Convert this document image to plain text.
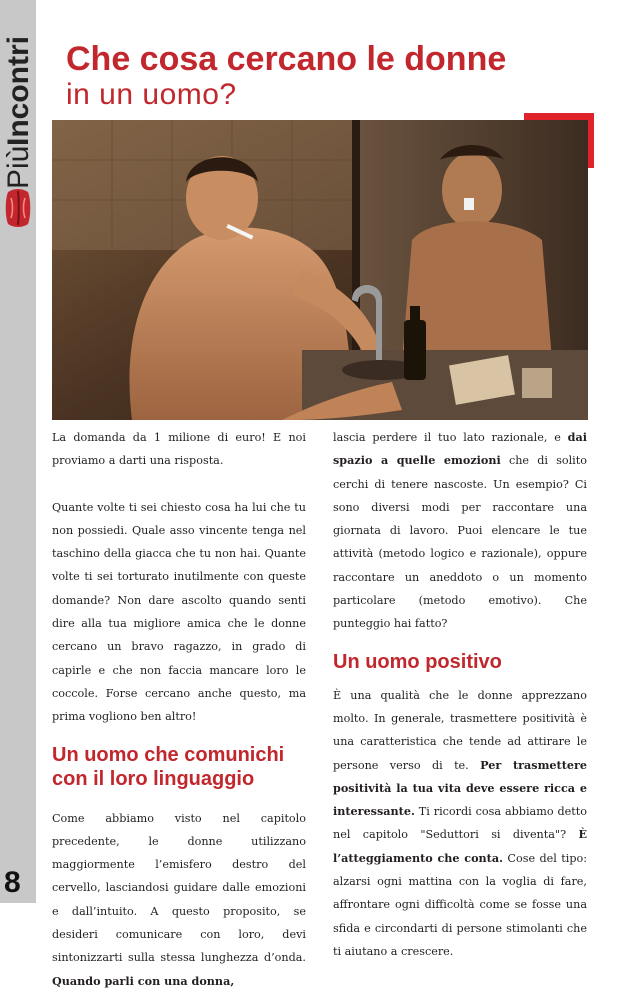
Più
Incontri
8
Che cosa cercano le donne
in un uomo?

La domanda da 1 milione di euro! E noi proviamo a darti una risposta.

Quante volte ti sei chiesto cosa ha lui che tu non possiedi. Quale asso vincente tenga nel taschino della giacca che tu non hai. Quante volte ti sei torturato inutilmente con queste domande? Non dare ascolto quando senti dire alla tua migliore amica che le donne cercano un bravo ragazzo, in grado di capirle e che non faccia mancare loro le coccole. Forse cercano anche questo, ma prima vogliono ben altro!

Un uomo che comunichi con il loro linguaggio

Come abbiamo visto nel capitolo precedente, le donne utilizzano maggiormente l’emisfero destro del cervello, lasciandosi guidare dalle emozioni e dall’intuito. A questo proposito, se desideri comunicare con loro, devi sintonizzarti sulla stessa lunghezza d’onda. Quando parli con una donna,

lascia perdere il tuo lato razionale, e dai spazio a quelle emozioni che di solito cerchi di tenere nascoste. Un esempio? Ci sono diversi modi per raccontare una giornata di lavoro. Puoi elencare le tue attività (metodo logico e razionale), oppure raccontare un aneddoto o un momento particolare (metodo emotivo). Che punteggio hai fatto?

Un uomo positivo

È una qualità che le donne apprezzano molto. In generale, trasmettere positività è una caratteristica che tende ad attirare le persone verso di te. Per trasmettere positività la tua vita deve essere ricca e interessante. Ti ricordi cosa abbiamo detto nel capitolo "Seduttori si diventa"? È l’atteggiamento che conta. Cose del tipo: alzarsi ogni mattina con la voglia di fare, affrontare ogni difficoltà come se fosse una sfida e circondarti di persone stimolanti che ti aiutano a crescere.
